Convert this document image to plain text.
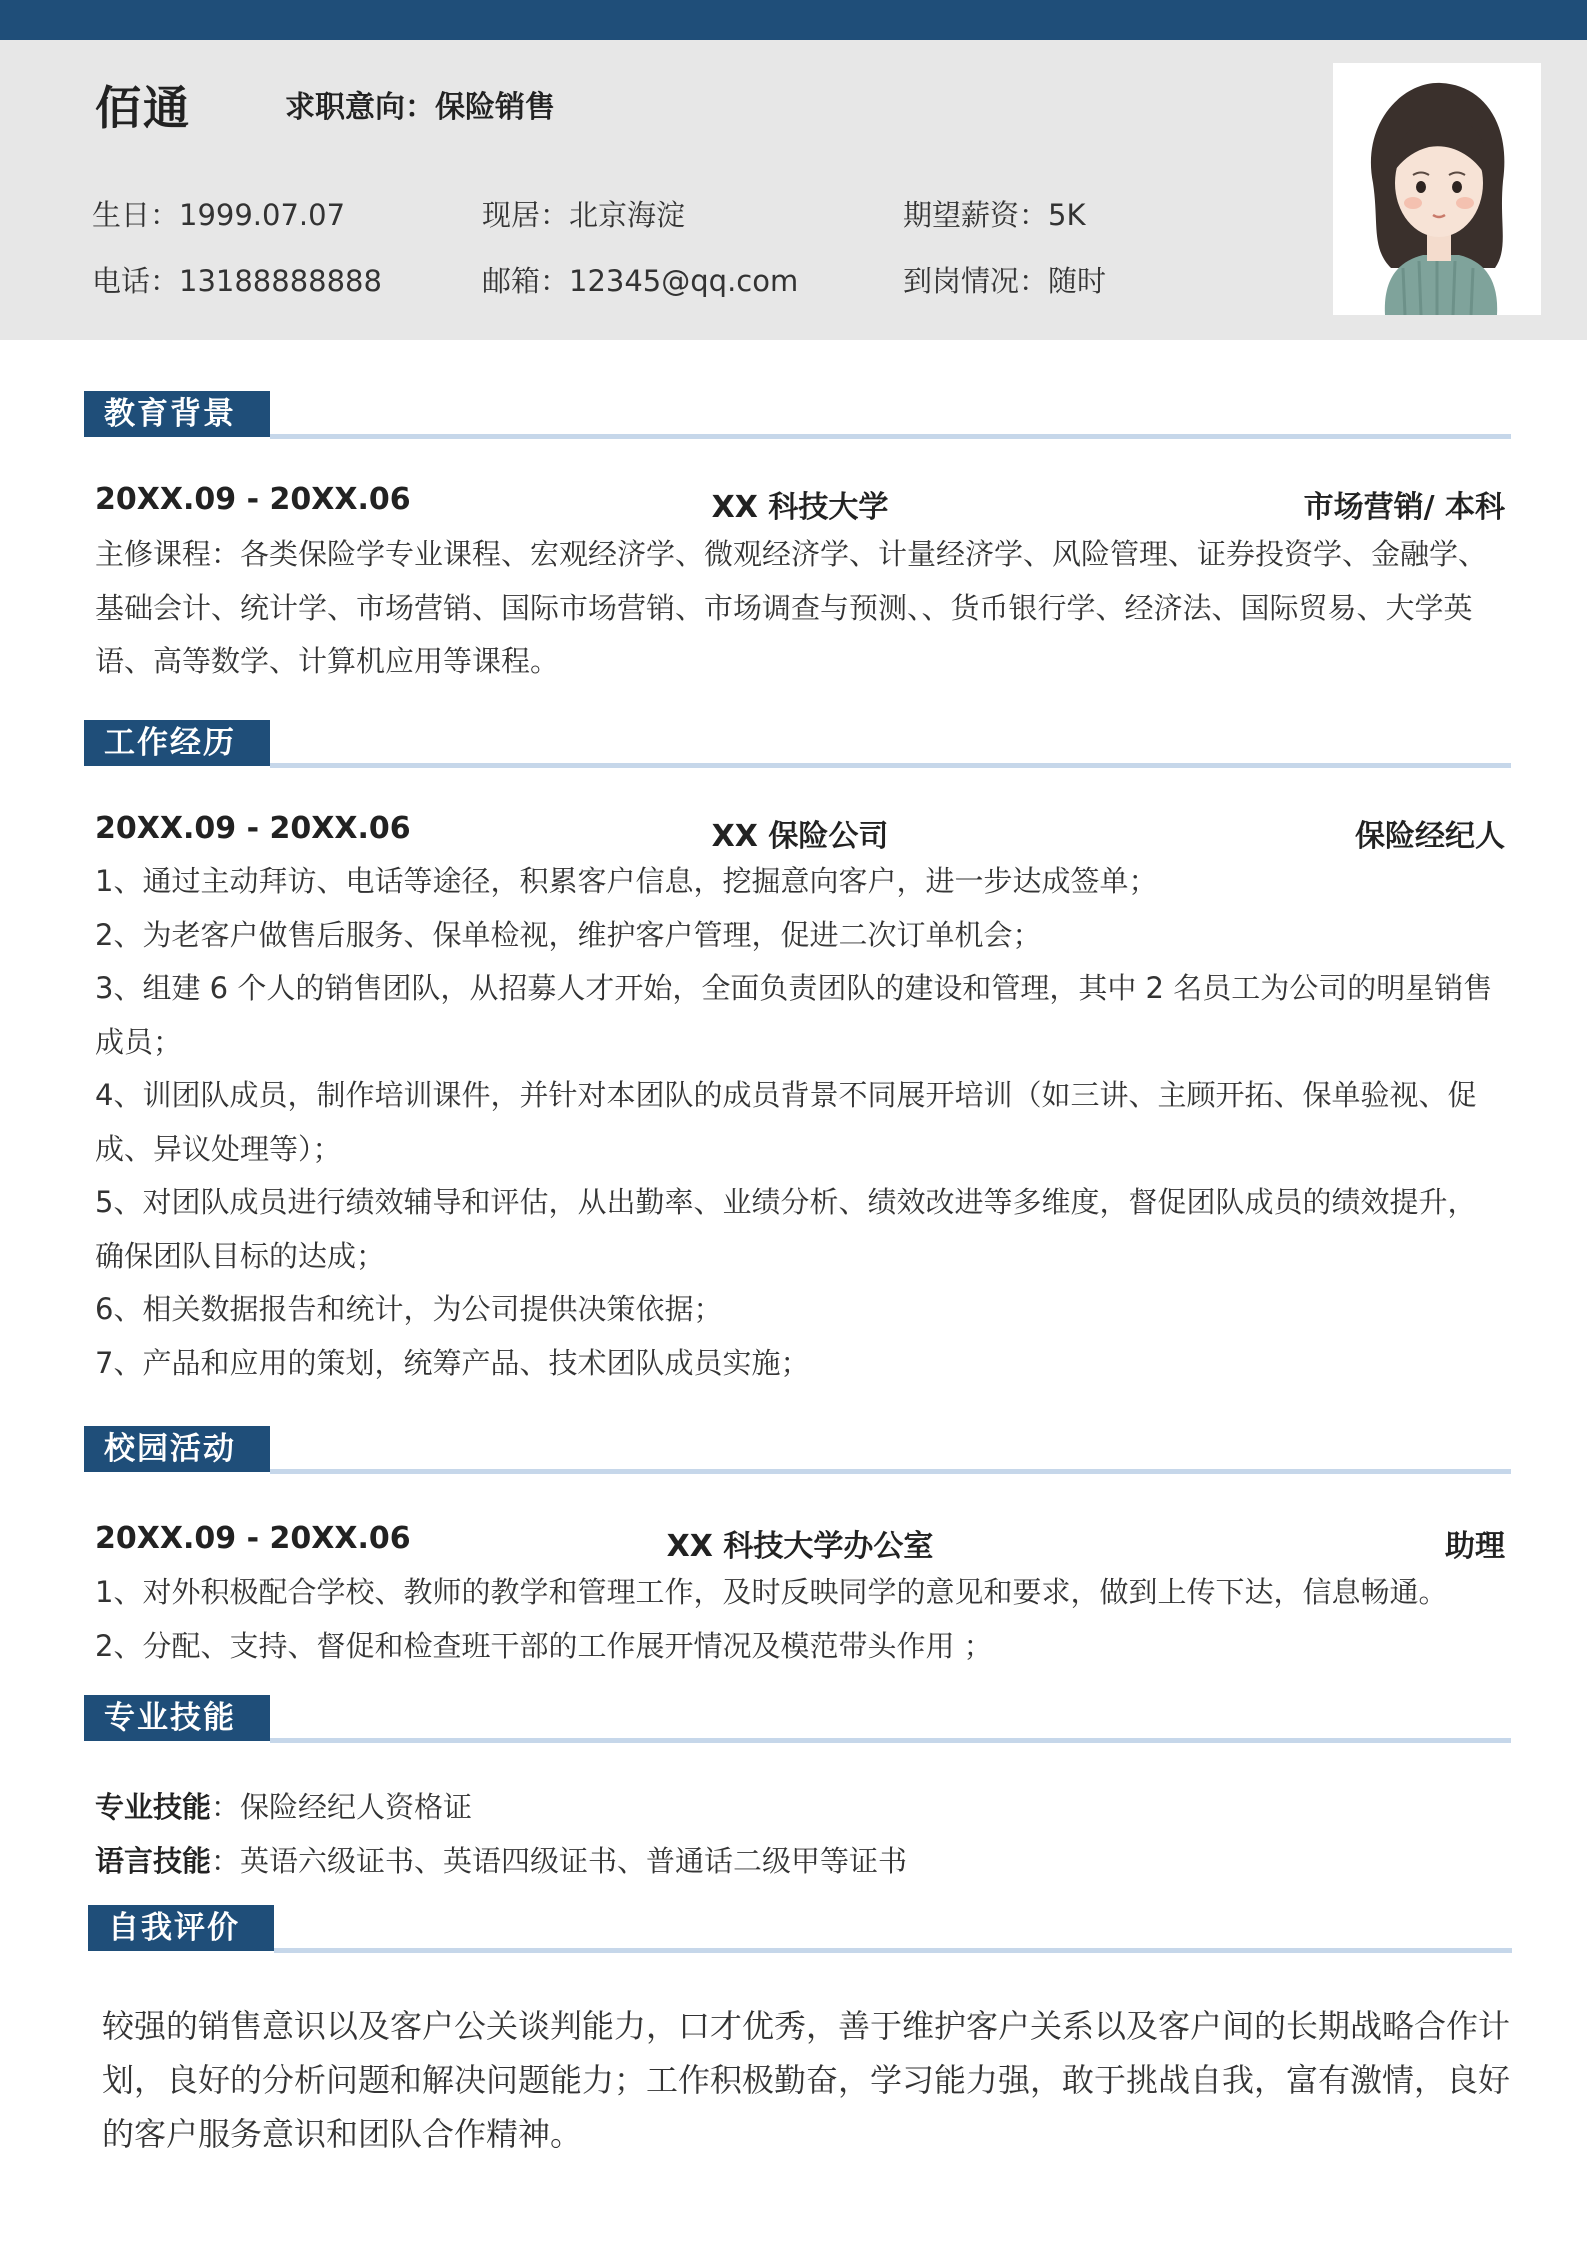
佰通	求职意向：保险销售
生日：1999.07.07	现居：北京海淀	期望薪资：5K
电话：13188888888	邮箱：12345@qq.com	到岗情况：随时
教育背景
20XX.09 - 20XX.06	XX 科技大学	市场营销/ 本科
主修课程：各类保险学专业课程、宏观经济学、微观经济学、计量经济学、风险管理、证券投资学、金融学、
基础会计、统计学、市场营销、国际市场营销、市场调查与预测、、货币银行学、经济法、国际贸易、大学英
语、高等数学、计算机应用等课程。
工作经历
20XX.09 - 20XX.06	XX 保险公司	保险经纪人
1、通过主动拜访、电话等途径，积累客户信息，挖掘意向客户，进一步达成签单；
2、为老客户做售后服务、保单检视，维护客户管理，促进二次订单机会；
3、组建 6 个人的销售团队，从招募人才开始，全面负责团队的建设和管理，其中 2 名员工为公司的明星销售
成员；
4、训团队成员，制作培训课件，并针对本团队的成员背景不同展开培训（如三讲、主顾开拓、保单验视、促
成、异议处理等）；
5、对团队成员进行绩效辅导和评估，从出勤率、业绩分析、绩效改进等多维度，督促团队成员的绩效提升，
确保团队目标的达成；
6、相关数据报告和统计，为公司提供决策依据；
7、产品和应用的策划，统筹产品、技术团队成员实施；
校园活动
20XX.09 - 20XX.06	XX 科技大学办公室	助理
1、对外积极配合学校、教师的教学和管理工作，及时反映同学的意见和要求，做到上传下达，信息畅通。
2、分配、支持、督促和检查班干部的工作展开情况及模范带头作用 ；
专业技能
专业技能：保险经纪人资格证
语言技能：英语六级证书、英语四级证书、普通话二级甲等证书
自我评价
较强的销售意识以及客户公关谈判能力，口才优秀，善于维护客户关系以及客户间的长期战略合作计
划，良好的分析问题和解决问题能力；工作积极勤奋，学习能力强，敢于挑战自我，富有激情，良好
的客户服务意识和团队合作精神。
